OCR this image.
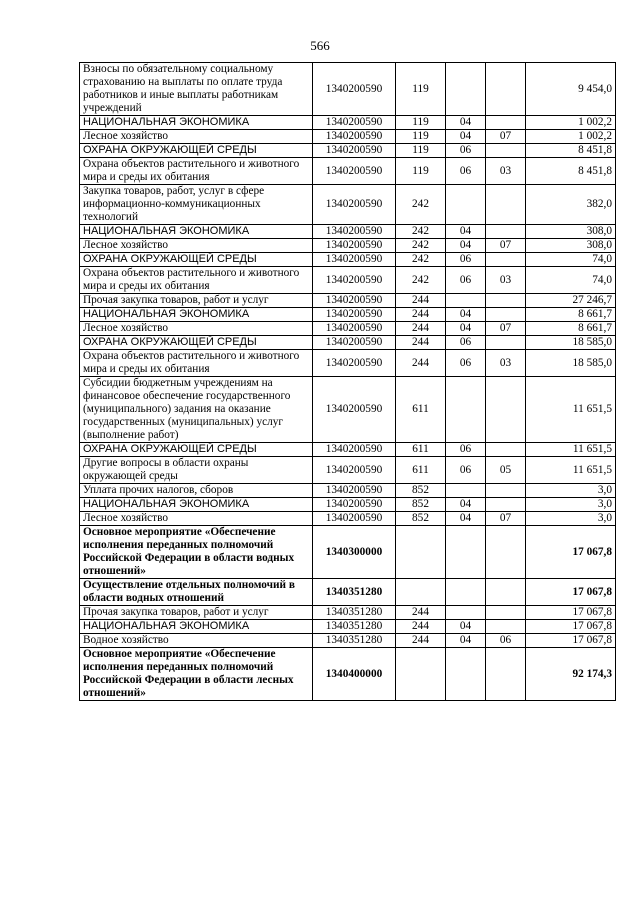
566
Взносы по обязательному социальному страхованию на выплаты по оплате труда работников и иные выплаты работникам учреждений	1340200590	119			9 454,0
НАЦИОНАЛЬНАЯ ЭКОНОМИКА	1340200590	119	04		1 002,2
Лесное хозяйство	1340200590	119	04	07	1 002,2
ОХРАНА ОКРУЖАЮЩЕЙ СРЕДЫ	1340200590	119	06		8 451,8
Охрана объектов растительного и животного мира и среды их обитания	1340200590	119	06	03	8 451,8
Закупка товаров, работ, услуг в сфере информационно-коммуникационных технологий	1340200590	242			382,0
НАЦИОНАЛЬНАЯ ЭКОНОМИКА	1340200590	242	04		308,0
Лесное хозяйство	1340200590	242	04	07	308,0
ОХРАНА ОКРУЖАЮЩЕЙ СРЕДЫ	1340200590	242	06		74,0
Охрана объектов растительного и животного мира и среды их обитания	1340200590	242	06	03	74,0
Прочая закупка товаров, работ и услуг	1340200590	244			27 246,7
НАЦИОНАЛЬНАЯ ЭКОНОМИКА	1340200590	244	04		8 661,7
Лесное хозяйство	1340200590	244	04	07	8 661,7
ОХРАНА ОКРУЖАЮЩЕЙ СРЕДЫ	1340200590	244	06		18 585,0
Охрана объектов растительного и животного мира и среды их обитания	1340200590	244	06	03	18 585,0
Субсидии бюджетным учреждениям на финансовое обеспечение государственного (муниципального) задания на оказание государственных (муниципальных) услуг (выполнение работ)	1340200590	611			11 651,5
ОХРАНА ОКРУЖАЮЩЕЙ СРЕДЫ	1340200590	611	06		11 651,5
Другие вопросы в области охраны окружающей среды	1340200590	611	06	05	11 651,5
Уплата прочих налогов, сборов	1340200590	852			3,0
НАЦИОНАЛЬНАЯ ЭКОНОМИКА	1340200590	852	04		3,0
Лесное хозяйство	1340200590	852	04	07	3,0
Основное мероприятие «Обеспечение исполнения переданных полномочий Российской Федерации в области водных отношений»	1340300000				17 067,8
Осуществление отдельных полномочий в области водных отношений	1340351280				17 067,8
Прочая закупка товаров, работ и услуг	1340351280	244			17 067,8
НАЦИОНАЛЬНАЯ ЭКОНОМИКА	1340351280	244	04		17 067,8
Водное хозяйство	1340351280	244	04	06	17 067,8
Основное мероприятие «Обеспечение исполнения переданных полномочий Российской Федерации в области лесных отношений»	1340400000				92 174,3
